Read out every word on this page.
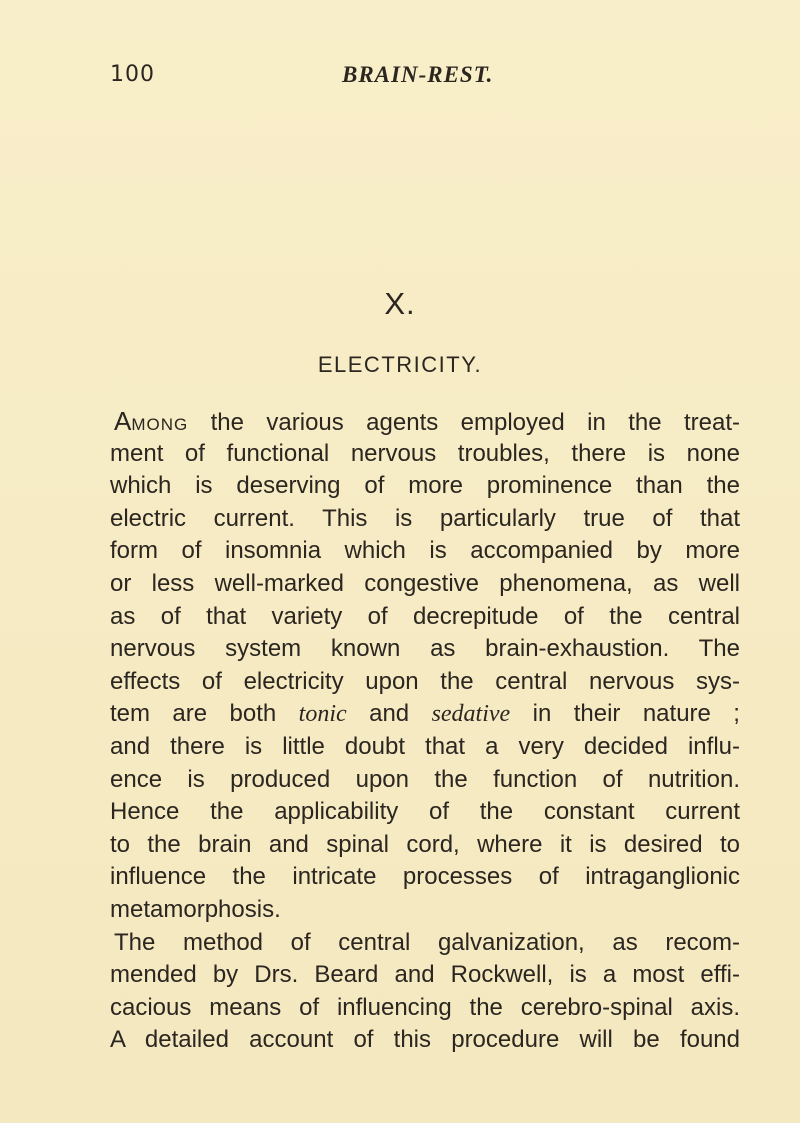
100	BRAIN-REST.
X.
ELECTRICITY.
Among the various agents employed in the treat-
ment of functional nervous troubles, there is none
which is deserving of more prominence than the
electric current. This is particularly true of that
form of insomnia which is accompanied by more
or less well-marked congestive phenomena, as well
as of that variety of decrepitude of the central
nervous system known as brain-exhaustion. The
effects of electricity upon the central nervous sys-
tem are both tonic and sedative in their nature ;
and there is little doubt that a very decided influ-
ence is produced upon the function of nutrition.
Hence the applicability of the constant current
to the brain and spinal cord, where it is desired to
influence the intricate processes of intraganglionic
metamorphosis.
The method of central galvanization, as recom-
mended by Drs. Beard and Rockwell, is a most effi-
cacious means of influencing the cerebro-spinal axis.
A detailed account of this procedure will be found
